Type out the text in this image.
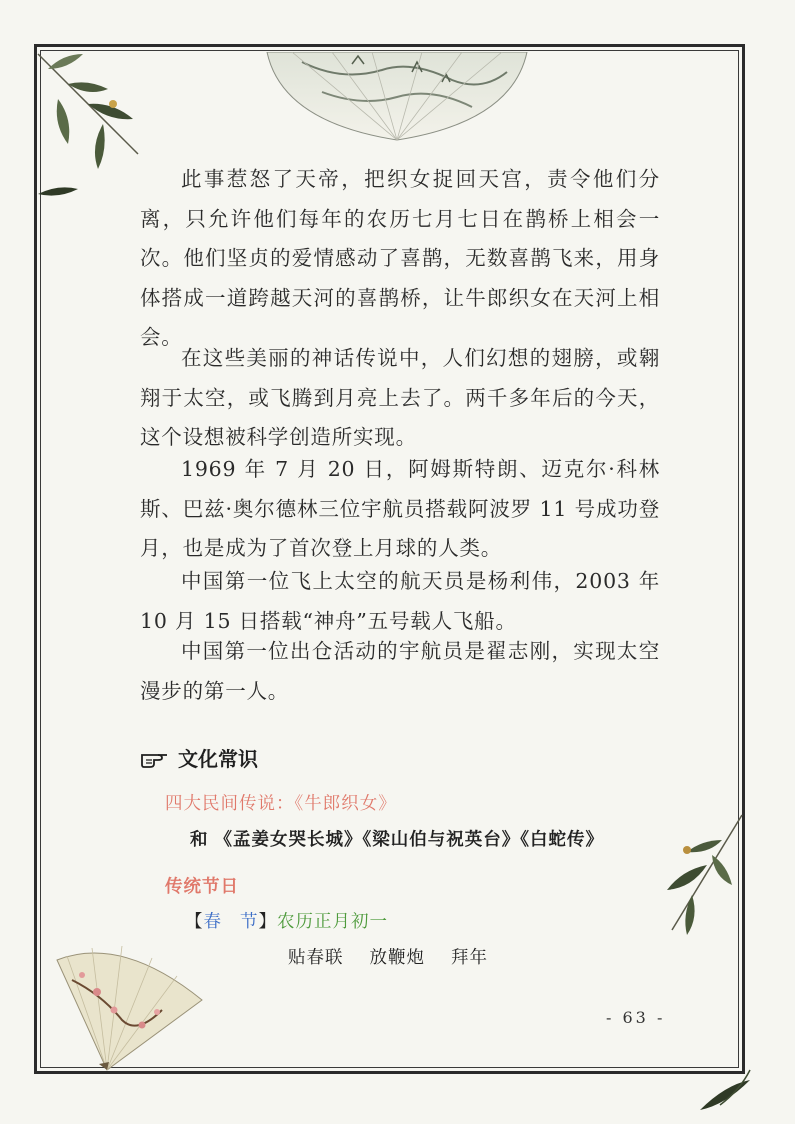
此事惹怒了天帝，把织女捉回天宫，责令他们分离，只允许他们每年的农历七月七日在鹊桥上相会一次。他们坚贞的爱情感动了喜鹊，无数喜鹊飞来，用身体搭成一道跨越天河的喜鹊桥，让牛郎织女在天河上相会。

在这些美丽的神话传说中，人们幻想的翅膀，或翱翔于太空，或飞腾到月亮上去了。两千多年后的今天，这个设想被科学创造所实现。

1969 年 7 月 20 日，阿姆斯特朗、迈克尔·科林斯、巴兹·奥尔德林三位宇航员搭载阿波罗 11 号成功登月，也是成为了首次登上月球的人类。

中国第一位飞上太空的航天员是杨利伟，2003 年 10 月 15 日搭载“神舟”五号载人飞船。

中国第一位出仓活动的宇航员是翟志刚，实现太空漫步的第一人。

文化常识
四大民间传说：《牛郎织女》
和 《孟姜女哭长城》《梁山伯与祝英台》《白蛇传》
传统节日
【春 节】农历正月初一
贴春联 放鞭炮 拜年
- 63 -
